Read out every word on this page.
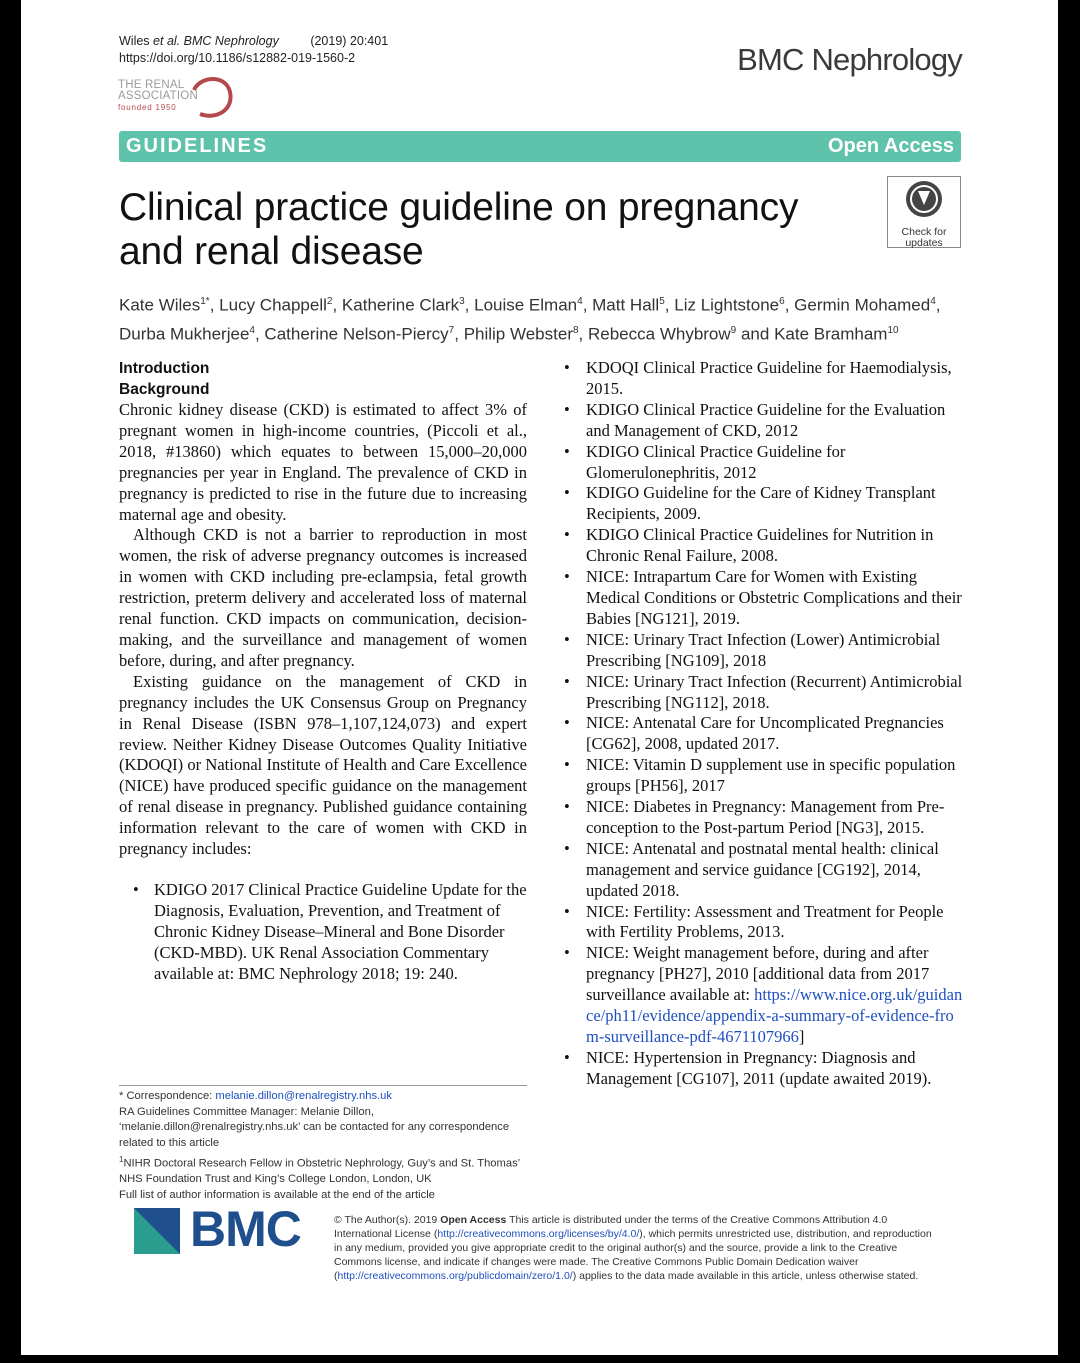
Wiles et al. BMC Nephrology	(2019) 20:401
https://doi.org/10.1186/s12882-019-1560-2	BMC Nephrology
THE RENAL
ASSOCIATION
founded 1950
GUIDELINES	Open Access
Check for
updates
Clinical practice guideline on pregnancy and renal disease
Kate Wiles$^{1*}$, Lucy Chappell$^2$, Katherine Clark$^3$, Louise Elman$^4$, Matt Hall$^5$, Liz Lightstone$^6$, Germin Mohamed$^4$,
Durba Mukherjee$^4$, Catherine Nelson-Piercy$^7$, Philip Webster$^8$, Rebecca Whybrow$^9$ and Kate Bramham$^{10}$
Introduction
Background

Chronic kidney disease (CKD) is estimated to affect 3% of pregnant women in high-income countries, (Piccoli et al., 2018, #13860) which equates to between 15,000–20,000 pregnancies per year in England. The prevalence of CKD in pregnancy is predicted to rise in the future due to increasing maternal age and obesity.

Although CKD is not a barrier to reproduction in most women, the risk of adverse pregnancy outcomes is increased in women with CKD including pre-eclampsia, fetal growth restriction, preterm delivery and accelerated loss of maternal renal function. CKD impacts on communication, decision-making, and the surveillance and management of women before, during, and after pregnancy.

Existing guidance on the management of CKD in pregnancy includes the UK Consensus Group on Pregnancy in Renal Disease (ISBN 978–1,107,124,073) and expert review. Neither Kidney Disease Outcomes Quality Initiative (KDOQI) or National Institute of Health and Care Excellence (NICE) have produced specific guidance on the management of renal disease in pregnancy. Published guidance containing information relevant to the care of women with CKD in pregnancy includes:

• KDIGO 2017 Clinical Practice Guideline Update for the Diagnosis, Evaluation, Prevention, and Treatment of Chronic Kidney Disease–Mineral and Bone Disorder (CKD-MBD). UK Renal Association Commentary available at: BMC Nephrology 2018; 19: 240.
• KDOQI Clinical Practice Guideline for Haemodialysis, 2015.
• KDIGO Clinical Practice Guideline for the Evaluation and Management of CKD, 2012
• KDIGO Clinical Practice Guideline for Glomerulonephritis, 2012
• KDIGO Guideline for the Care of Kidney Transplant Recipients, 2009.
• KDIGO Clinical Practice Guidelines for Nutrition in Chronic Renal Failure, 2008.
• NICE: Intrapartum Care for Women with Existing Medical Conditions or Obstetric Complications and their Babies [NG121], 2019.
• NICE: Urinary Tract Infection (Lower) Antimicrobial Prescribing [NG109], 2018
• NICE: Urinary Tract Infection (Recurrent) Antimicrobial Prescribing [NG112], 2018.
• NICE: Antenatal Care for Uncomplicated Pregnancies [CG62], 2008, updated 2017.
• NICE: Vitamin D supplement use in specific population groups [PH56], 2017
• NICE: Diabetes in Pregnancy: Management from Pre-conception to the Post-partum Period [NG3], 2015.
• NICE: Antenatal and postnatal mental health: clinical management and service guidance [CG192], 2014, updated 2018.
• NICE: Fertility: Assessment and Treatment for People with Fertility Problems, 2013.
• NICE: Weight management before, during and after pregnancy [PH27], 2010 [additional data from 2017 surveillance available at: https://www.nice.org.uk/guidance/ph11/evidence/appendix-a-summary-of-evidence-from-surveillance-pdf-4671107966]
• NICE: Hypertension in Pregnancy: Diagnosis and Management [CG107], 2011 (update awaited 2019).
* Correspondence: melanie.dillon@renalregistry.nhs.uk
RA Guidelines Committee Manager: Melanie Dillon, ‘melanie.dillon@renalregistry.nhs.uk’ can be contacted for any correspondence related to this article
$^1$NIHR Doctoral Research Fellow in Obstetric Nephrology, Guy’s and St. Thomas’ NHS Foundation Trust and King’s College London, London, UK
Full list of author information is available at the end of the article
BMC	© The Author(s). 2019 Open Access This article is distributed under the terms of the Creative Commons Attribution 4.0 International License (http://creativecommons.org/licenses/by/4.0/), which permits unrestricted use, distribution, and reproduction in any medium, provided you give appropriate credit to the original author(s) and the source, provide a link to the Creative Commons license, and indicate if changes were made. The Creative Commons Public Domain Dedication waiver (http://creativecommons.org/publicdomain/zero/1.0/) applies to the data made available in this article, unless otherwise stated.
